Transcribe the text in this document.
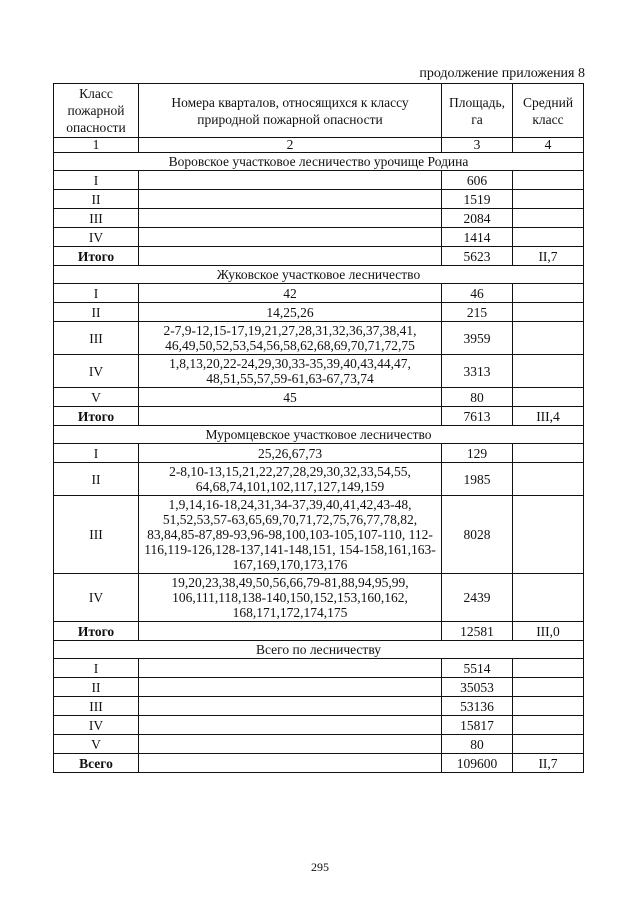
продолжение приложения 8
Класс пожарной опасности	Номера кварталов, относящихся к классу природной пожарной опасности	Площадь, га	Средний класс
1	2	3	4
Воровское участковое лесничество урочище Родина			
I		606	
II		1519	
III		2084	
IV		1414	
Итого		5623	II,7
Жуковское участковое лесничество			
I	42	46	
II	14,25,26	215	
III	2-7,9-12,15-17,19,21,27,28,31,32,36,37,38,41, 46,49,50,52,53,54,56,58,62,68,69,70,71,72,75	3959	
IV	1,8,13,20,22-24,29,30,33-35,39,40,43,44,47, 48,51,55,57,59-61,63-67,73,74	3313	
V	45	80	
Итого		7613	III,4
Муромцевское участковое лесничество			
I	25,26,67,73	129	
II	2-8,10-13,15,21,22,27,28,29,30,32,33,54,55, 64,68,74,101,102,117,127,149,159	1985	
III	1,9,14,16-18,24,31,34-37,39,40,41,42,43-48, 51,52,53,57-63,65,69,70,71,72,75,76,77,78,82, 83,84,85-87,89-93,96-98,100,103-105,107-110, 112-116,119-126,128-137,141-148,151, 154-158,161,163-167,169,170,173,176	8028	
IV	19,20,23,38,49,50,56,66,79-81,88,94,95,99, 106,111,118,138-140,150,152,153,160,162, 168,171,172,174,175	2439	
Итого		12581	III,0
Всего по лесничеству			
I		5514	
II		35053	
III		53136	
IV		15817	
V		80	
Всего		109600	II,7
295
